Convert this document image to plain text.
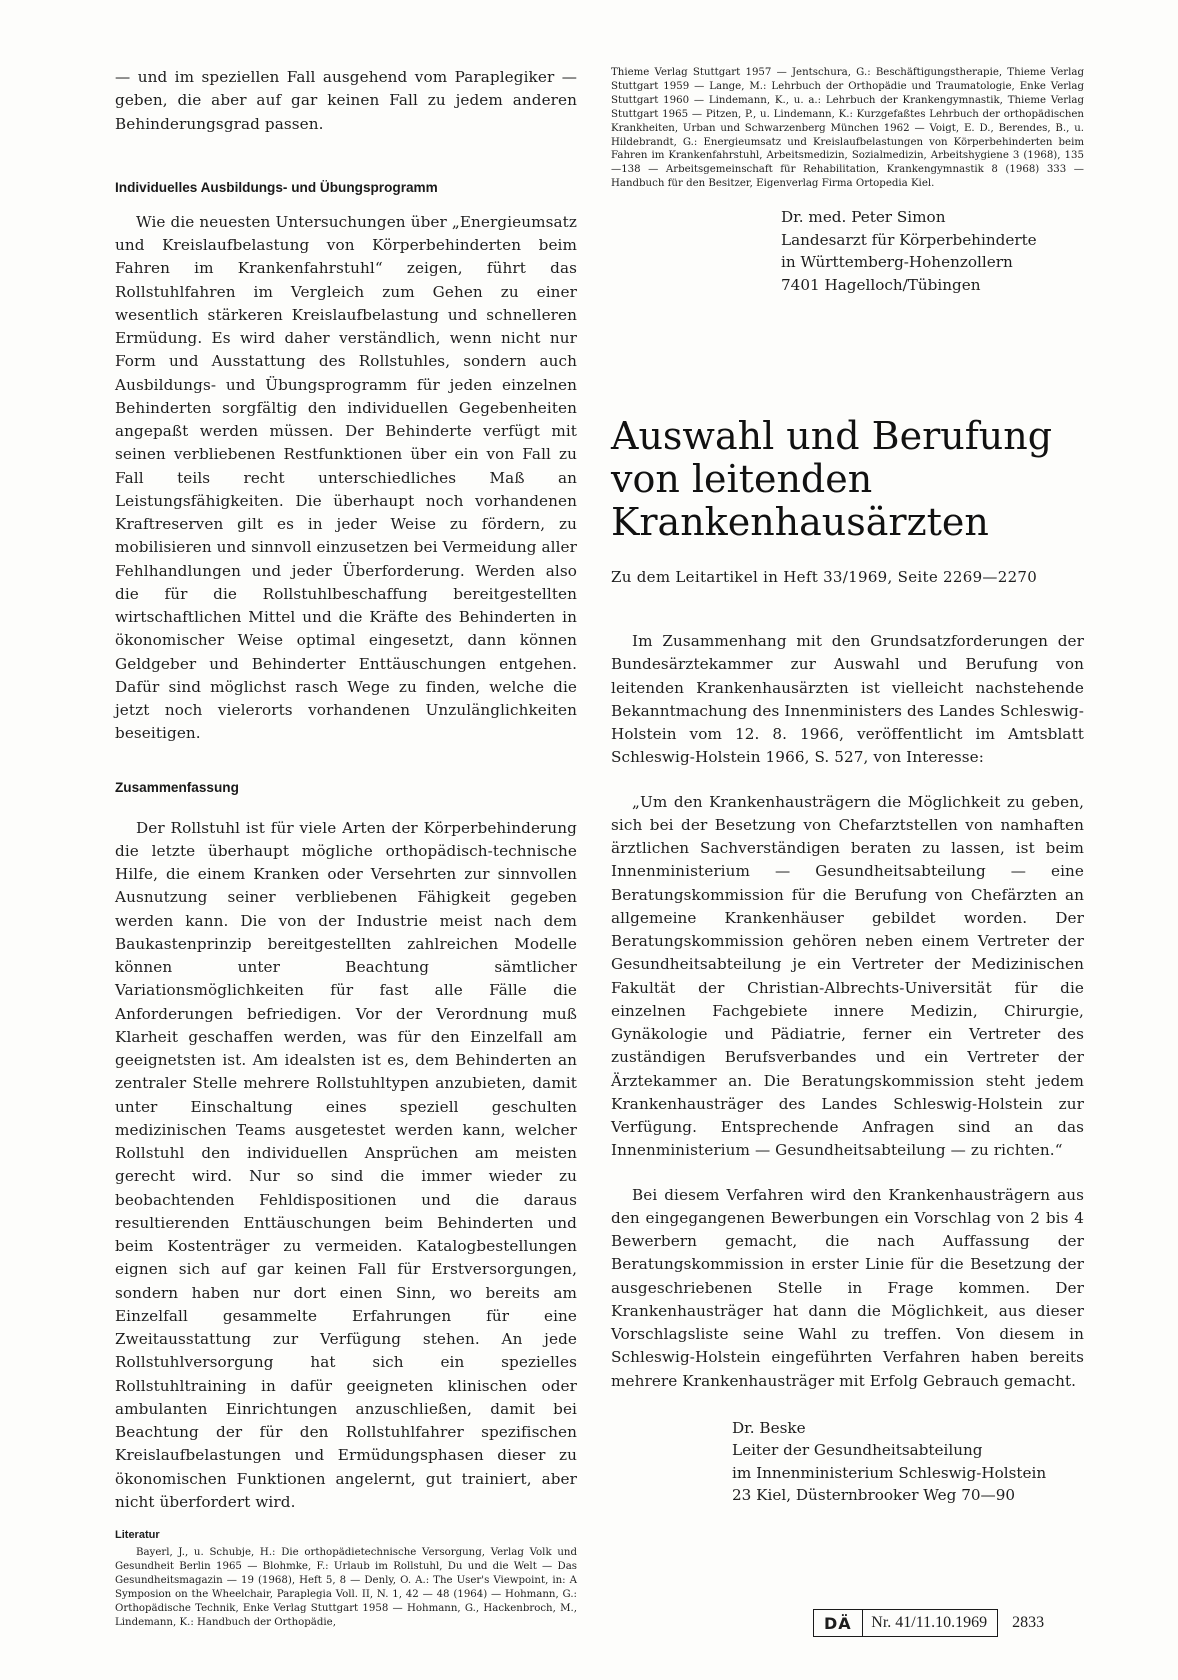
— und im speziellen Fall ausgehend vom Paraplegiker — geben, die aber auf gar keinen Fall zu jedem anderen Behinderungsgrad passen.

Individuelles Ausbildungs- und Übungsprogramm

Wie die neuesten Untersuchungen über „Energieumsatz und Kreislaufbelastung von Körperbehinderten beim Fahren im Krankenfahrstuhl“ zeigen, führt das Rollstuhlfahren im Vergleich zum Gehen zu einer wesentlich stärkeren Kreislaufbelastung und schnelleren Ermüdung. Es wird daher verständlich, wenn nicht nur Form und Ausstattung des Rollstuhles, sondern auch Ausbildungs- und Übungsprogramm für jeden einzelnen Behinderten sorgfältig den individuellen Gegebenheiten angepaßt werden müssen. Der Behinderte verfügt mit seinen verbliebenen Restfunktionen über ein von Fall zu Fall teils recht unterschiedliches Maß an Leistungsfähigkeiten. Die überhaupt noch vorhandenen Kraftreserven gilt es in jeder Weise zu fördern, zu mobilisieren und sinnvoll einzusetzen bei Vermeidung aller Fehlhandlungen und jeder Überforderung. Werden also die für die Rollstuhlbeschaffung bereitgestellten wirtschaftlichen Mittel und die Kräfte des Behinderten in ökonomischer Weise optimal eingesetzt, dann können Geldgeber und Behinderter Enttäuschungen entgehen. Dafür sind möglichst rasch Wege zu finden, welche die jetzt noch vielerorts vorhandenen Unzulänglichkeiten beseitigen.

Zusammenfassung

Der Rollstuhl ist für viele Arten der Körperbehinderung die letzte überhaupt mögliche orthopädisch-technische Hilfe, die einem Kranken oder Versehrten zur sinnvollen Ausnutzung seiner verbliebenen Fähigkeit gegeben werden kann. Die von der Industrie meist nach dem Baukastenprinzip bereitgestellten zahlreichen Modelle können unter Beachtung sämtlicher Variationsmöglichkeiten für fast alle Fälle die Anforderungen befriedigen. Vor der Verordnung muß Klarheit geschaffen werden, was für den Einzelfall am geeignetsten ist. Am idealsten ist es, dem Behinderten an zentraler Stelle mehrere Rollstuhltypen anzubieten, damit unter Einschaltung eines speziell geschulten medizinischen Teams ausgetestet werden kann, welcher Rollstuhl den individuellen Ansprüchen am meisten gerecht wird. Nur so sind die immer wieder zu beobachtenden Fehldispositionen und die daraus resultierenden Enttäuschungen beim Behinderten und beim Kostenträger zu vermeiden. Katalogbestellungen eignen sich auf gar keinen Fall für Erstversorgungen, sondern haben nur dort einen Sinn, wo bereits am Einzelfall gesammelte Erfahrungen für eine Zweitausstattung zur Verfügung stehen. An jede Rollstuhlversorgung hat sich ein spezielles Rollstuhltraining in dafür geeigneten klinischen oder ambulanten Einrichtungen anzuschließen, damit bei Beachtung der für den Rollstuhlfahrer spezifischen Kreislaufbelastungen und Ermüdungsphasen dieser zu ökonomischen Funktionen angelernt, gut trainiert, aber nicht überfordert wird.

Literatur

Bayerl, J., u. Schubje, H.: Die orthopädietechnische Versorgung, Verlag Volk und Gesundheit Berlin 1965 — Blohmke, F.: Urlaub im Rollstuhl, Du und die Welt — Das Gesundheitsmagazin — 19 (1968), Heft 5, 8 — Denly, O. A.: The User's Viewpoint, in: A Symposion on the Wheelchair, Paraplegia Voll. II, N. 1, 42 — 48 (1964) — Hohmann, G.: Orthopädische Technik, Enke Verlag Stuttgart 1958 — Hohmann, G., Hackenbroch, M., Lindemann, K.: Handbuch der Orthopädie,

Thieme Verlag Stuttgart 1957 — Jentschura, G.: Beschäftigungstherapie, Thieme Verlag Stuttgart 1959 — Lange, M.: Lehrbuch der Orthopädie und Traumatologie, Enke Verlag Stuttgart 1960 — Lindemann, K., u. a.: Lehrbuch der Krankengymnastik, Thieme Verlag Stuttgart 1965 — Pitzen, P., u. Lindemann, K.: Kurzgefaßtes Lehrbuch der orthopädischen Krankheiten, Urban und Schwarzenberg München 1962 — Voigt, E. D., Berendes, B., u. Hildebrandt, G.: Energieumsatz und Kreislaufbelastungen von Körperbehinderten beim Fahren im Krankenfahrstuhl, Arbeitsmedizin, Sozialmedizin, Arbeitshygiene 3 (1968), 135—138 — Arbeitsgemeinschaft für Rehabilitation, Krankengymnastik 8 (1968) 333 — Handbuch für den Besitzer, Eigenverlag Firma Ortopedia Kiel.

Dr. med. Peter Simon

Landesarzt für Körperbehinderte

in Württemberg-Hohenzollern

7401 Hagelloch/Tübingen

Auswahl und Berufung

von leitenden

Krankenhausärzten

Zu dem Leitartikel in Heft 33/1969, Seite 2269—2270

Im Zusammenhang mit den Grundsatzforderungen der Bundesärztekammer zur Auswahl und Berufung von leitenden Krankenhausärzten ist vielleicht nachstehende Bekanntmachung des Innenministers des Landes Schleswig-Holstein vom 12. 8. 1966, veröffentlicht im Amtsblatt Schleswig-Holstein 1966, S. 527, von Interesse:

„Um den Krankenhausträgern die Möglichkeit zu geben, sich bei der Besetzung von Chefarztstellen von namhaften ärztlichen Sachverständigen beraten zu lassen, ist beim Innenministerium — Gesundheitsabteilung — eine Beratungskommission für die Berufung von Chefärzten an allgemeine Krankenhäuser gebildet worden. Der Beratungskommission gehören neben einem Vertreter der Gesundheitsabteilung je ein Vertreter der Medizinischen Fakultät der Christian-Albrechts-Universität für die einzelnen Fachgebiete innere Medizin, Chirurgie, Gynäkologie und Pädiatrie, ferner ein Vertreter des zuständigen Berufsverbandes und ein Vertreter der Ärztekammer an. Die Beratungskommission steht jedem Krankenhausträger des Landes Schleswig-Holstein zur Verfügung. Entsprechende Anfragen sind an das Innenministerium — Gesundheitsabteilung — zu richten.“

Bei diesem Verfahren wird den Krankenhausträgern aus den eingegangenen Bewerbungen ein Vorschlag von 2 bis 4 Bewerbern gemacht, die nach Auffassung der Beratungskommission in erster Linie für die Besetzung der ausgeschriebenen Stelle in Frage kommen. Der Krankenhausträger hat dann die Möglichkeit, aus dieser Vorschlagsliste seine Wahl zu treffen. Von diesem in Schleswig-Holstein eingeführten Verfahren haben bereits mehrere Krankenhausträger mit Erfolg Gebrauch gemacht.

Dr. Beske

Leiter der Gesundheitsabteilung

im Innenministerium Schleswig-Holstein

23 Kiel, Düsternbrooker Weg 70—90

DÄ Nr. 41/11.10.1969 2833
